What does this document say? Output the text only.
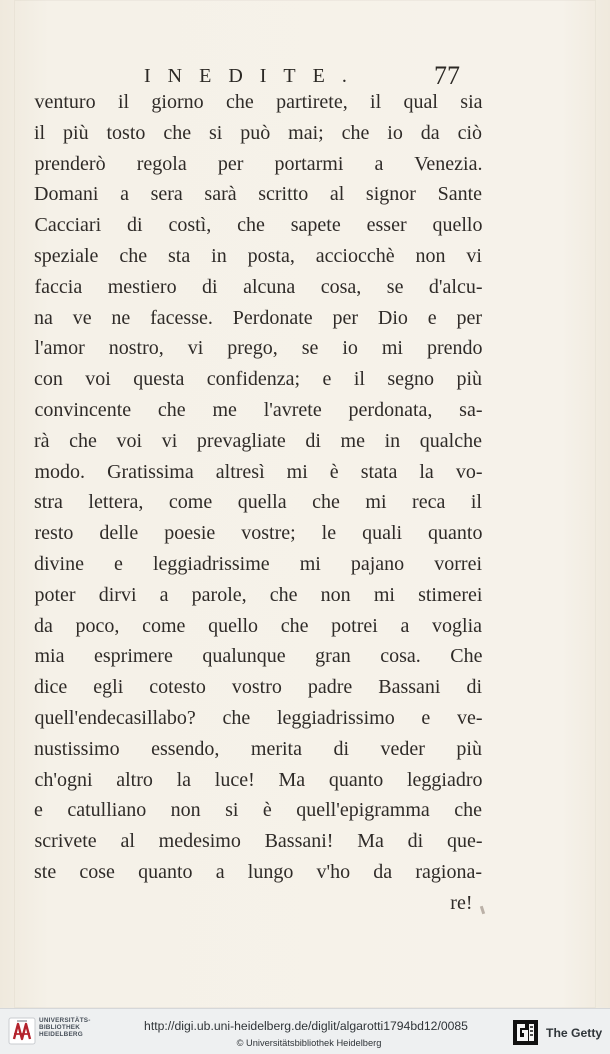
INEDITE.	77
venturo il giorno che partirete, il qual sia
il più tosto che si può mai; che io da ciò
prenderò regola per portarmi a Venezia.
Domani a sera sarà scritto al signor Sante
Cacciari di costì, che sapete esser quello
speziale che sta in posta, acciocchè non vi
faccia mestiero di alcuna cosa, se d'alcu-
na ve ne facesse. Perdonate per Dio e per
l'amor nostro, vi prego, se io mi prendo
con voi questa confidenza; e il segno più
convincente che me l'avrete perdonata, sa-
rà che voi vi prevagliate di me in qualche
modo. Gratissima altresì mi è stata la vo-
stra lettera, come quella che mi reca il
resto delle poesie vostre; le quali quanto
divine e leggiadrissime mi pajano vorrei
poter dirvi a parole, che non mi stimerei
da poco, come quello che potrei a voglia
mia esprimere qualunque gran cosa. Che
dice egli cotesto vostro padre Bassani di
quell'endecasillabo? che leggiadrissimo e ve-
nustissimo essendo, merita di veder più
ch'ogni altro la luce! Ma quanto leggiadro
e catulliano non si è quell'epigramma che
scrivete al medesimo Bassani! Ma di que-
ste cose quanto a lungo v'ho da ragiona-
re!
UNIVERSITÄTS-
BIBLIOTHEK
HEIDELBERG
http://digi.ub.uni-heidelberg.de/diglit/algarotti1794bd12/0085
© Universitätsbibliothek Heidelberg
The Getty
